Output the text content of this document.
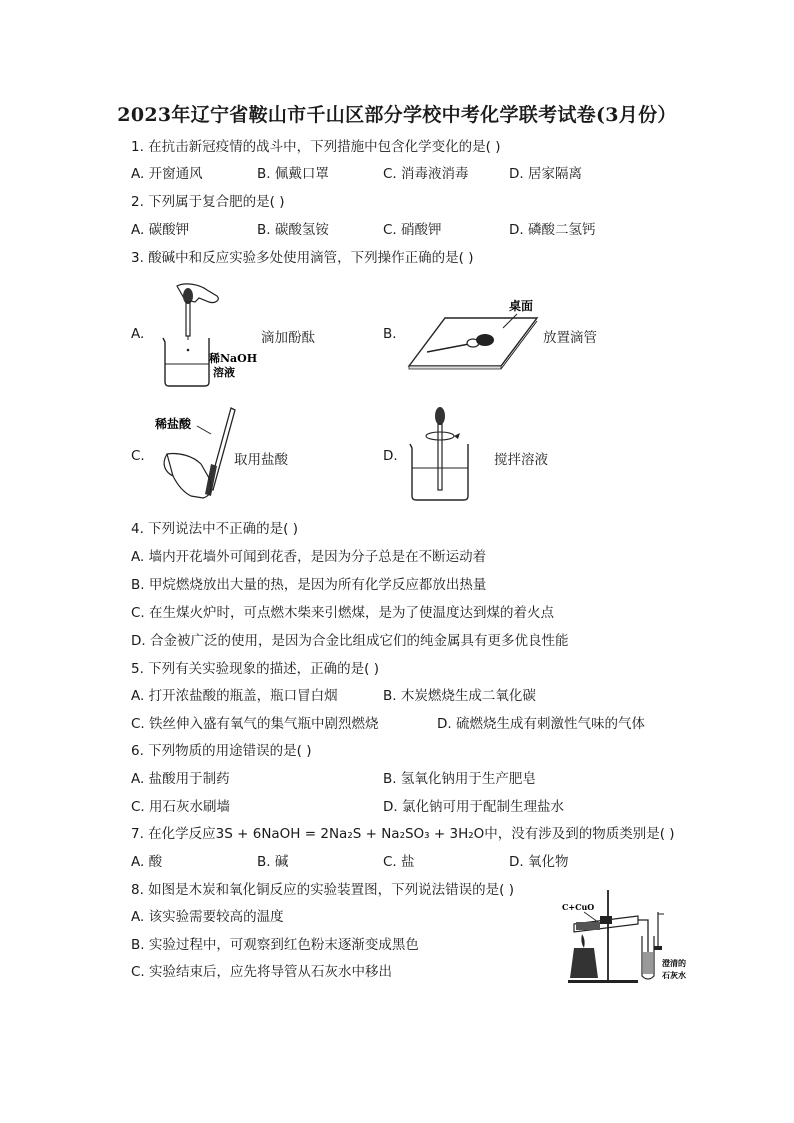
2023年辽宁省鞍山市千山区部分学校中考化学联考试卷(3月份）
1. 在抗击新冠疫情的战斗中，下列措施中包含化学变化的是( )
A. 开窗通风	B. 佩戴口罩	C. 消毒液消毒	D. 居家隔离
2. 下列属于复合肥的是( )
A. 碳酸钾	B. 碳酸氢铵	C. 硝酸钾	D. 磷酸二氢钙
3. 酸碱中和反应实验多处使用滴管，下列操作正确的是( )
A.
稀NaOH
溶液
滴加酚酞	B.
桌面
放置滴管
C.
稀盐酸
取用盐酸	D.	搅拌溶液
4. 下列说法中不正确的是( )
A. 墙内开花墙外可闻到花香，是因为分子总是在不断运动着
B. 甲烷燃烧放出大量的热，是因为所有化学反应都放出热量
C. 在生煤火炉时，可点燃木柴来引燃煤，是为了使温度达到煤的着火点
D. 合金被广泛的使用，是因为合金比组成它们的纯金属具有更多优良性能
5. 下列有关实验现象的描述，正确的是( )
A. 打开浓盐酸的瓶盖，瓶口冒白烟	B. 木炭燃烧生成二氧化碳
C. 铁丝伸入盛有氧气的集气瓶中剧烈燃烧	D. 硫燃烧生成有刺激性气味的气体
6. 下列物质的用途错误的是( )
A. 盐酸用于制药	B. 氢氧化钠用于生产肥皂
C. 用石灰水刷墙	D. 氯化钠可用于配制生理盐水
7. 在化学反应3S + 6NaOH = 2Na₂S + Na₂SO₃ + 3H₂O中，没有涉及到的物质类别是( )
A. 酸	B. 碱	C. 盐	D. 氧化物
8. 如图是木炭和氧化铜反应的实验装置图，下列说法错误的是( )
A. 该实验需要较高的温度
B. 实验过程中，可观察到红色粉末逐渐变成黑色
C. 实验结束后，应先将导管从石灰水中移出
C+CuO
澄清的
石灰水
